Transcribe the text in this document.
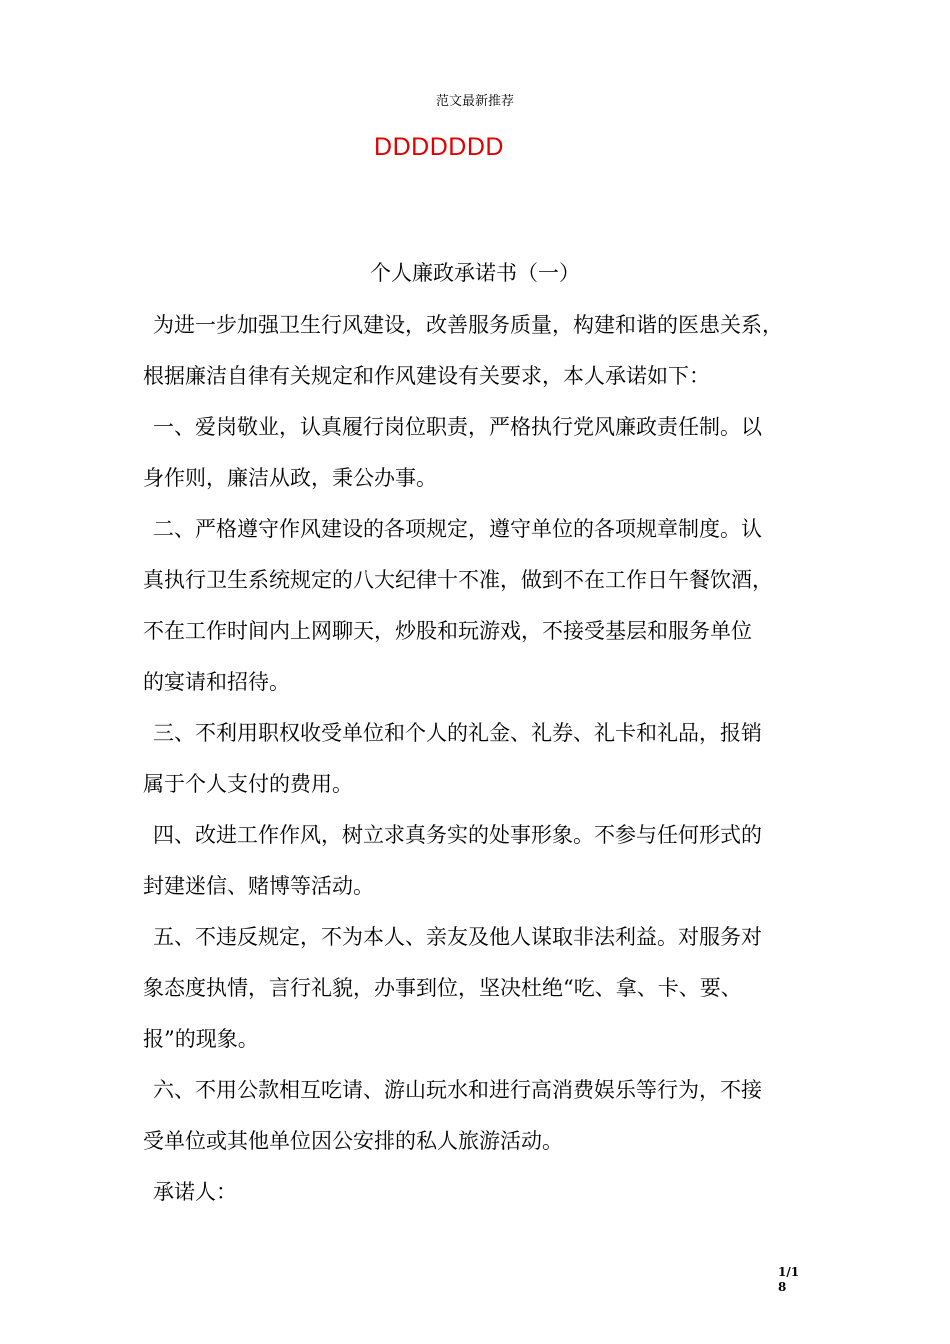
范文最新推荐
DDDDDDD
个人廉政承诺书（一）
为进一步加强卫生行风建设，改善服务质量，构建和谐的医患关系，
根据廉洁自律有关规定和作风建设有关要求，本人承诺如下：
一、爱岗敬业，认真履行岗位职责，严格执行党风廉政责任制。以
身作则，廉洁从政，秉公办事。
二、严格遵守作风建设的各项规定，遵守单位的各项规章制度。认
真执行卫生系统规定的八大纪律十不准，做到不在工作日午餐饮酒，
不在工作时间内上网聊天，炒股和玩游戏，不接受基层和服务单位
的宴请和招待。
三、不利用职权收受单位和个人的礼金、礼券、礼卡和礼品，报销
属于个人支付的费用。
四、改进工作作风，树立求真务实的处事形象。不参与任何形式的
封建迷信、赌博等活动。
五、不违反规定，不为本人、亲友及他人谋取非法利益。对服务对
象态度执情，言行礼貌，办事到位，坚决杜绝“吃、拿、卡、要、
报”的现象。
六、不用公款相互吃请、游山玩水和进行高消费娱乐等行为，不接
受单位或其他单位因公安排的私人旅游活动。
承诺人：
1/18
